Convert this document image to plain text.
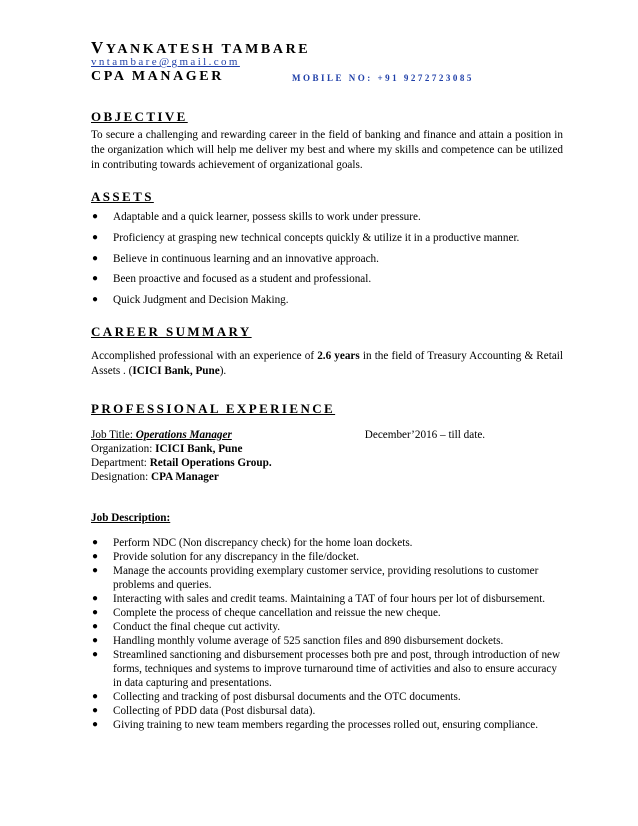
VYANKATESH TAMBARE
vntambare@gmail.com
CPA MANAGER	MOBILE NO: +91 9272723085
OBJECTIVE
To secure a challenging and rewarding career in the field of banking and finance and attain a position in the organization which will help me deliver my best and where my skills and competence can be utilized in contributing towards achievement of organizational goals.
ASSETS
● Adaptable and a quick learner, possess skills to work under pressure.
● Proficiency at grasping new technical concepts quickly & utilize it in a productive manner.
● Believe in continuous learning and an innovative approach.
● Been proactive and focused as a student and professional.
● Quick Judgment and Decision Making.
CAREER SUMMARY
Accomplished professional with an experience of 2.6 years in the field of Treasury Accounting & Retail Assets . (ICICI Bank, Pune).
PROFESSIONAL EXPERIENCE
Job Title: Operations Manager	December’2016 – till date.
Organization: ICICI Bank, Pune
Department: Retail Operations Group.
Designation: CPA Manager
Job Description:
● Perform NDC (Non discrepancy check) for the home loan dockets.
● Provide solution for any discrepancy in the file/docket.
● Manage the accounts providing exemplary customer service, providing resolutions to customer problems and queries.
● Interacting with sales and credit teams. Maintaining a TAT of four hours per lot of disbursement.
● Complete the process of cheque cancellation and reissue the new cheque.
● Conduct the final cheque cut activity.
● Handling monthly volume average of 525 sanction files and 890 disbursement dockets.
● Streamlined sanctioning and disbursement processes both pre and post, through introduction of new forms, techniques and systems to improve turnaround time of activities and also to ensure accuracy in data capturing and presentations.
● Collecting and tracking of post disbursal documents and the OTC documents.
● Collecting of PDD data (Post disbursal data).
● Giving training to new team members regarding the processes rolled out, ensuring compliance.
